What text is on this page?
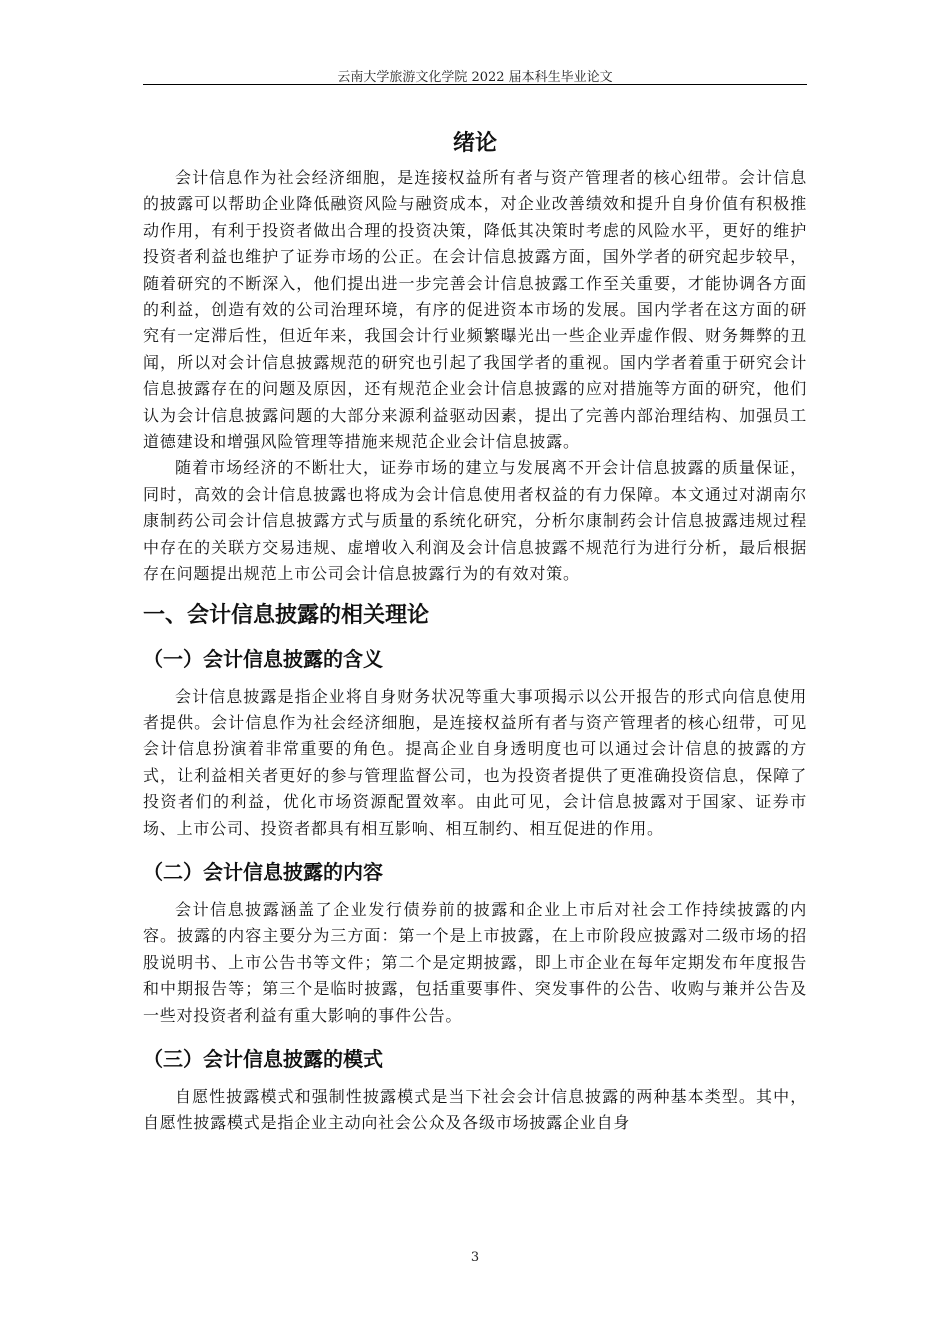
云南大学旅游文化学院 2022 届本科生毕业论文
绪论

会计信息作为社会经济细胞，是连接权益所有者与资产管理者的核心纽带。会计信息的披露可以帮助企业降低融资风险与融资成本，对企业改善绩效和提升自身价值有积极推动作用，有利于投资者做出合理的投资决策，降低其决策时考虑的风险水平，更好的维护投资者利益也维护了证券市场的公正。在会计信息披露方面，国外学者的研究起步较早，随着研究的不断深入，他们提出进一步完善会计信息披露工作至关重要，才能协调各方面的利益，创造有效的公司治理环境，有序的促进资本市场的发展。国内学者在这方面的研究有一定滞后性，但近年来，我国会计行业频繁曝光出一些企业弄虚作假、财务舞弊的丑闻，所以对会计信息披露规范的研究也引起了我国学者的重视。国内学者着重于研究会计信息披露存在的问题及原因，还有规范企业会计信息披露的应对措施等方面的研究，他们认为会计信息披露问题的大部分来源利益驱动因素，提出了完善内部治理结构、加强员工道德建设和增强风险管理等措施来规范企业会计信息披露。

随着市场经济的不断壮大，证券市场的建立与发展离不开会计信息披露的质量保证，同时，高效的会计信息披露也将成为会计信息使用者权益的有力保障。本文通过对湖南尔康制药公司会计信息披露方式与质量的系统化研究，分析尔康制药会计信息披露违规过程中存在的关联方交易违规、虚增收入利润及会计信息披露不规范行为进行分析，最后根据存在问题提出规范上市公司会计信息披露行为的有效对策。

一、会计信息披露的相关理论
（一）会计信息披露的含义

会计信息披露是指企业将自身财务状况等重大事项揭示以公开报告的形式向信息使用者提供。会计信息作为社会经济细胞，是连接权益所有者与资产管理者的核心纽带，可见会计信息扮演着非常重要的角色。提高企业自身透明度也可以通过会计信息的披露的方式，让利益相关者更好的参与管理监督公司，也为投资者提供了更准确投资信息，保障了投资者们的利益，优化市场资源配置效率。由此可见，会计信息披露对于国家、证券市场、上市公司、投资者都具有相互影响、相互制约、相互促进的作用。

（二）会计信息披露的内容

会计信息披露涵盖了企业发行债券前的披露和企业上市后对社会工作持续披露的内容。披露的内容主要分为三方面：第一个是上市披露，在上市阶段应披露对二级市场的招股说明书、上市公告书等文件；第二个是定期披露，即上市企业在每年定期发布年度报告和中期报告等；第三个是临时披露，包括重要事件、突发事件的公告、收购与兼并公告及一些对投资者利益有重大影响的事件公告。

（三）会计信息披露的模式

自愿性披露模式和强制性披露模式是当下社会会计信息披露的两种基本类型。其中，自愿性披露模式是指企业主动向社会公众及各级市场披露企业自身

3
